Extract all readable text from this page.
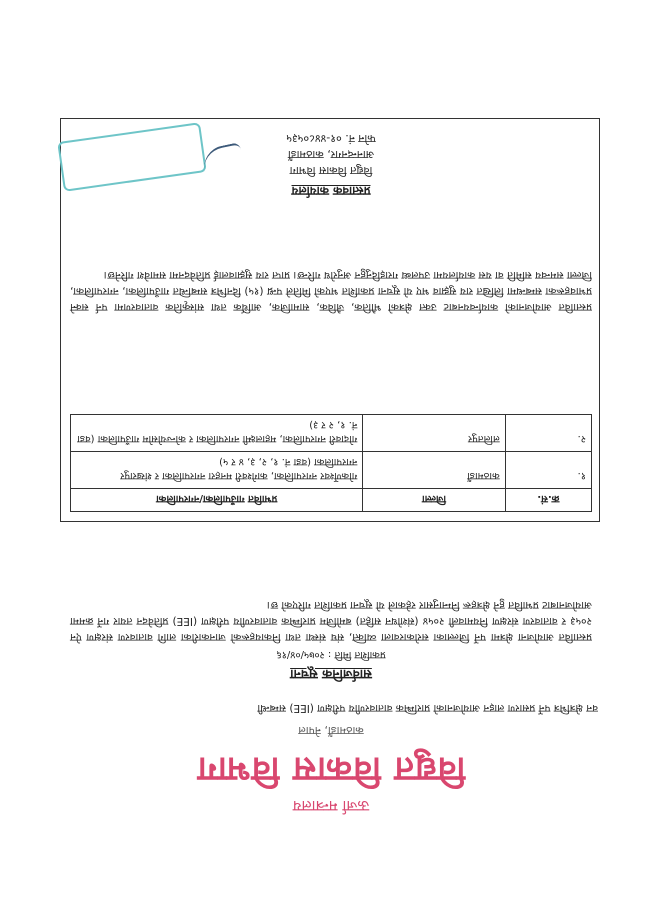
ऊर्जा मन्त्रालय
विद्युत विकास विभाग
काठमाडौं, नेपाल
वन क्षेत्रभित्र पर्ने प्रसारण लाइन आयोजनाको प्रारम्भिक वातावरणीय परीक्षण (IEE) सम्बन्धी
सार्वजनिक सूचना
प्रकाशित मिति : २०७५/०४/१६
प्रस्तावित आयोजना क्षेत्रमा पर्ने जिल्लाका सरोकारवाला व्यक्ति, संघ संस्था तथा निकायहरूको जानकारीका लागि वातावरण संरक्षण ऐन २०५३ र वातावरण संरक्षण नियमावली २०५४ (संशोधन सहित) बमोजिम प्रारम्भिक वातावरणीय परीक्षण (IEE) प्रतिवेदन तयार गर्ने क्रममा आयोजनाबाट प्रभावित हुने क्षेत्रहरू निम्नानुसार रहेकाले यो सूचना प्रकाशित गरिएको छ।
क्र.सं.	जिल्ला	प्रभावित गाउँपालिका/नगरपालिका
१.	काठमाडौं	गोकर्णेश्वर नगरपालिका, कागेश्वरी मनहरा नगरपालिका र शंखरापुर नगरपालिका (वडा नं. १, २, ३, ४ र ५)
२.	ललितपुर	गोदावरी नगरपालिका, महालक्ष्मी नगरपालिका र कोन्ज्योसोम गाउँपालिका (वडा नं. १, २ र ३)
प्रस्तावित आयोजनाको कार्यान्वयनबाट उक्त क्षेत्रको भौतिक, जैविक, सामाजिक, आर्थिक तथा सांस्कृतिक वातावरणमा पर्न सक्ने प्रभावहरूका सम्बन्धमा लिखित राय सुझाव भए यो सूचना प्रकाशित भएको मितिले पन्ध्र (१५) दिनभित्र सम्बन्धित गाउँपालिका, नगरपालिका, जिल्ला समन्वय समिति वा यस कार्यालयमा उपलब्ध गराइदिनुहुन अनुरोध गरिन्छ। प्राप्त राय सुझावलाई प्रतिवेदनमा समावेश गरिनेछ।
प्रस्तावक कार्यालय
विद्युत विकास विभाग
आनन्दनगर, काठमाडौं
फोन नं. ०१-४४८०५३५
